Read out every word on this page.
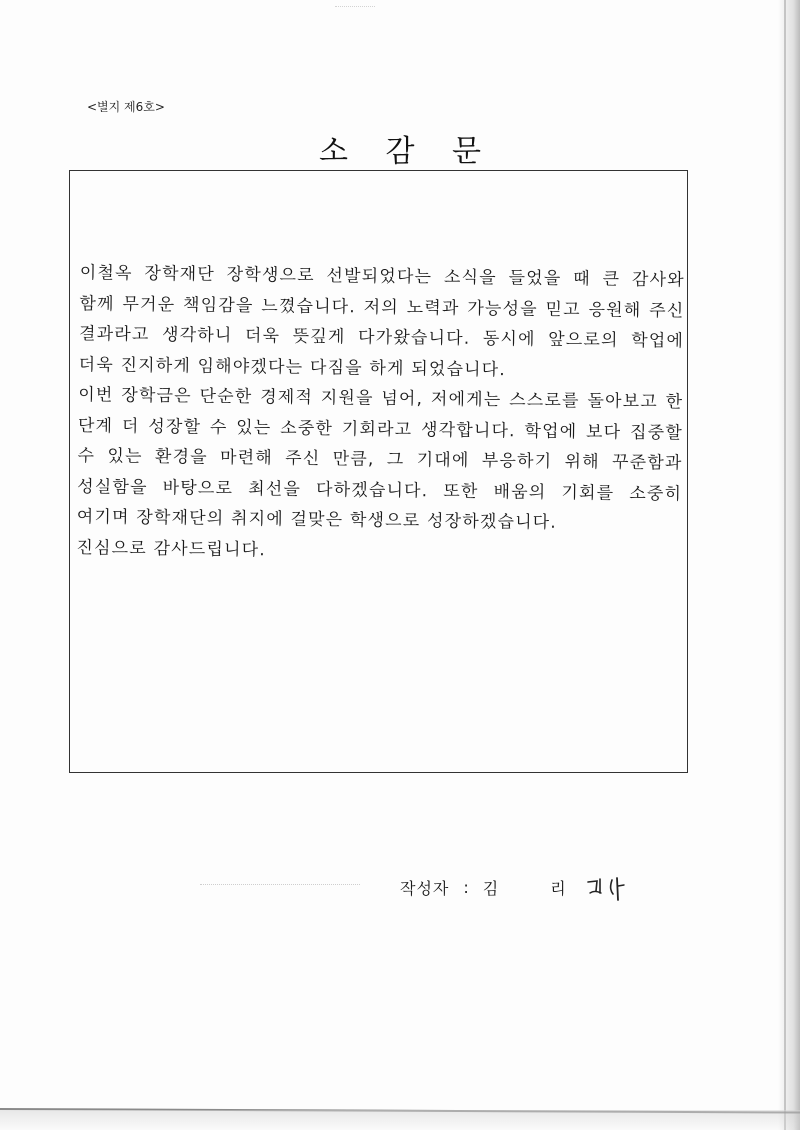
<별지 제6호>
소 감 문

이철옥 장학재단 장학생으로 선발되었다는 소식을 들었을 때 큰 감사와 함께 무거운 책임감을 느꼈습니다. 저의 노력과 가능성을 믿고 응원해 주신 결과라고 생각하니 더욱 뜻깊게 다가왔습니다. 동시에 앞으로의 학업에 더욱 진지하게 임해야겠다는 다짐을 하게 되었습니다.

이번 장학금은 단순한 경제적 지원을 넘어, 저에게는 스스로를 돌아보고 한 단계 더 성장할 수 있는 소중한 기회라고 생각합니다. 학업에 보다 집중할 수 있는 환경을 마련해 주신 만큼, 그 기대에 부응하기 위해 꾸준함과 성실함을 바탕으로 최선을 다하겠습니다. 또한 배움의 기회를 소중히 여기며 장학재단의 취지에 걸맞은 학생으로 성장하겠습니다.

진심으로 감사드립니다.

작성자 : 김	리
